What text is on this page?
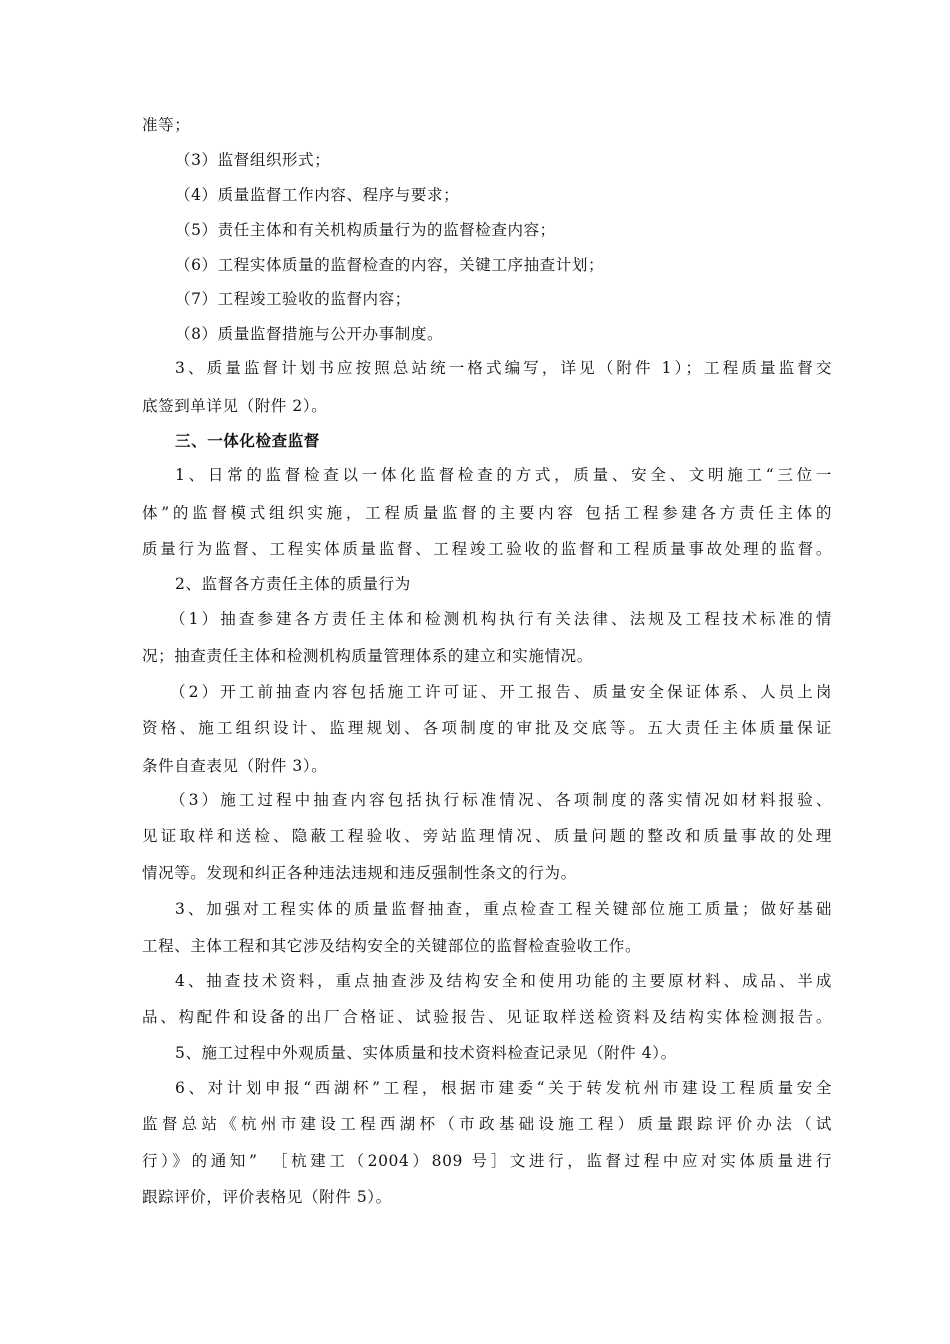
准等；
（3）监督组织形式；
（4）质量监督工作内容、程序与要求；
（5）责任主体和有关机构质量行为的监督检查内容；
（6）工程实体质量的监督检查的内容，关键工序抽查计划；
（7）工程竣工验收的监督内容；
（8）质量监督措施与公开办事制度。
3、质量监督计划书应按照总站统一格式编写，详见（附件 1）；工程质量监督交
底签到单详见（附件 2）。
三、一体化检查监督
1、日常的监督检查以一体化监督检查的方式，质量、安全、文明施工“三位一
体”的监督模式组织实施，工程质量监督的主要内容 包括工程参建各方责任主体的
质量行为监督、工程实体质量监督、工程竣工验收的监督和工程质量事故处理的监督。
2、监督各方责任主体的质量行为
（1）抽查参建各方责任主体和检测机构执行有关法律、法规及工程技术标准的情
况；抽查责任主体和检测机构质量管理体系的建立和实施情况。
（2）开工前抽查内容包括施工许可证、开工报告、质量安全保证体系、人员上岗
资格、施工组织设计、监理规划、各项制度的审批及交底等。五大责任主体质量保证
条件自查表见（附件 3）。
（3）施工过程中抽查内容包括执行标准情况、各项制度的落实情况如材料报验、
见证取样和送检、隐蔽工程验收、旁站监理情况、质量问题的整改和质量事故的处理
情况等。发现和纠正各种违法违规和违反强制性条文的行为。
3、加强对工程实体的质量监督抽查，重点检查工程关键部位施工质量；做好基础
工程、主体工程和其它涉及结构安全的关键部位的监督检查验收工作。
4、抽查技术资料，重点抽查涉及结构安全和使用功能的主要原材料、成品、半成
品、构配件和设备的出厂合格证、试验报告、见证取样送检资料及结构实体检测报告。
5、施工过程中外观质量、实体质量和技术资料检查记录见（附件 4）。
6、对计划申报“西湖杯”工程，根据市建委“关于转发杭州市建设工程质量安全
监督总站《杭州市建设工程西湖杯（市政基础设施工程）质量跟踪评价办法（试
行）》的通知”　［杭建工（2004）809 号］文进行，监督过程中应对实体质量进行
跟踪评价，评价表格见（附件 5）。
